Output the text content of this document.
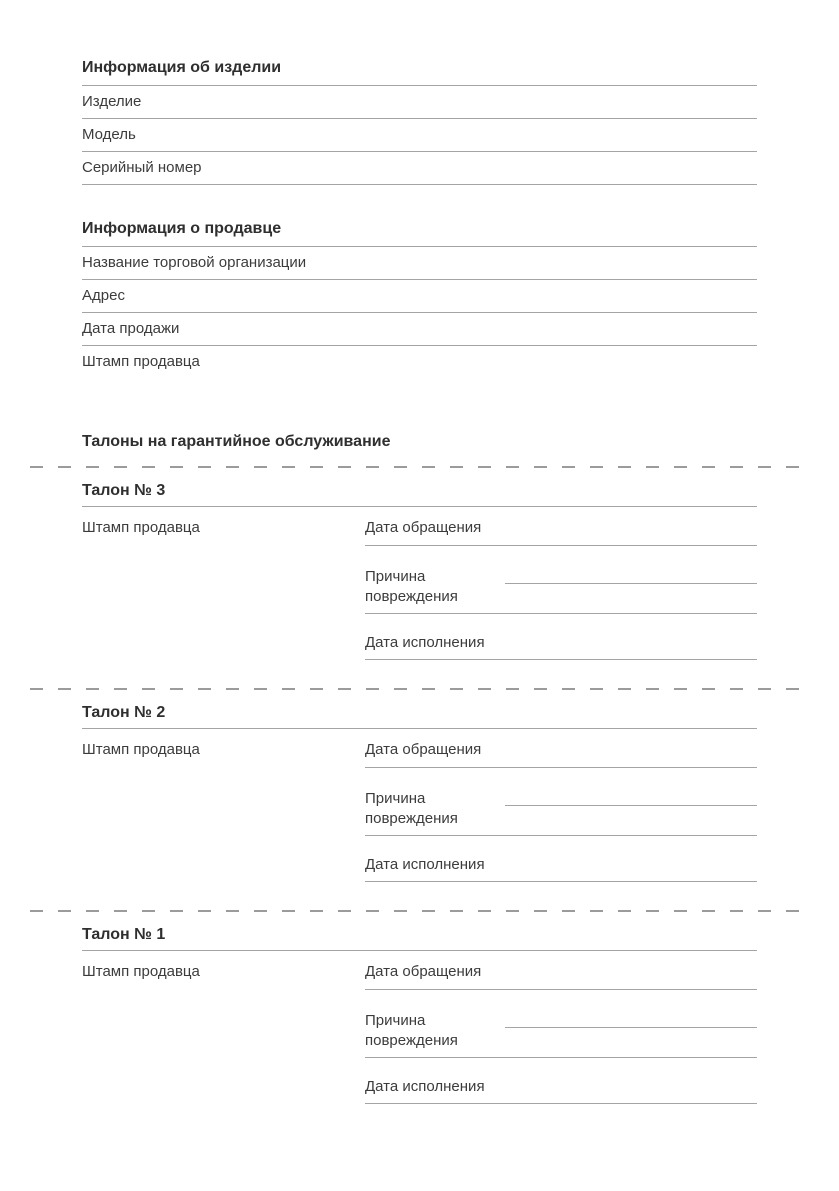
Информация об изделии
Изделие
Модель
Серийный номер
Информация о продавце
Название торговой организации
Адрес
Дата продажи
Штамп продавца
Талоны на гарантийное обслуживание
Талон № 3
Штамп продавца	Дата обращения
Причина повреждения
Дата исполнения
Талон № 2
Штамп продавца	Дата обращения
Причина повреждения
Дата исполнения
Талон № 1
Штамп продавца	Дата обращения
Причина повреждения
Дата исполнения
